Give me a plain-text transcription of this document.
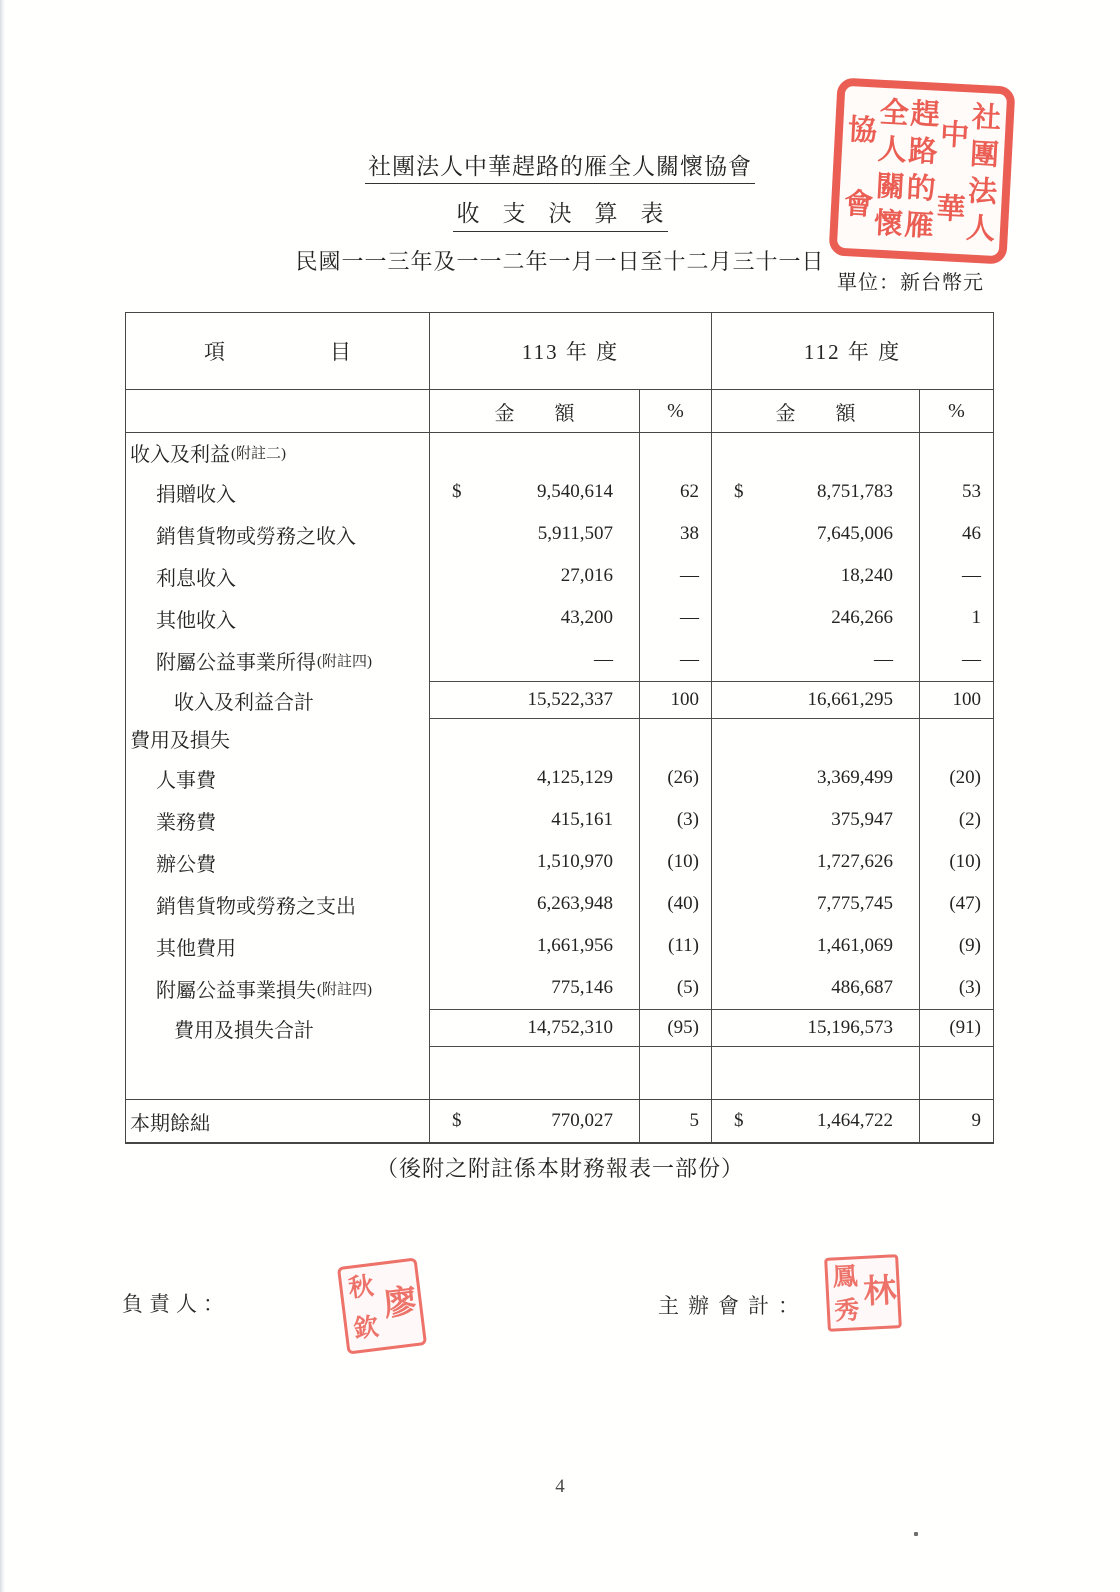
社團法人中華趕路的雁全人關懷協會
收　支　決　算　表
民國一一三年及一一二年一月一日至十二月三十一日
社
團
法
人
中
華
趕
路
的
雁
全
人
關
懷
協
會
單位：新台幣元
項　　　　　目	113 年 度	112 年 度
金　　額	%	金　　額	%
收入及利益 (附註二)
捐贈收入	$	9,540,614	62 $	8,751,783	53
銷售貨物或勞務之收入	5,911,507	38	7,645,006	46
利息收入	27,016	—	18,240	—
其他收入	43,200	—	246,266	1
附屬公益事業所得 (附註四)	—	—	—	—
收入及利益合計	15,522,337	100	16,661,295	100
費用及損失
人事費	4,125,129	(26)	3,369,499	(20)
業務費	415,161	(3)	375,947	(2)
辦公費	1,510,970	(10)	1,727,626	(10)
銷售貨物或勞務之支出	6,263,948	(40)	7,775,745	(47)
其他費用	1,661,956	(11)	1,461,069	(9)
附屬公益事業損失 (附註四)	775,146	(5)	486,687	(3)
費用及損失合計	14,752,310	(95)	15,196,573	(91)
本期餘絀	$	770,027	5 $	1,464,722	9
（後附之附註係本財務報表一部份）
負責人：
秋
欽
廖	主辦會計：
鳳
秀
林
4
